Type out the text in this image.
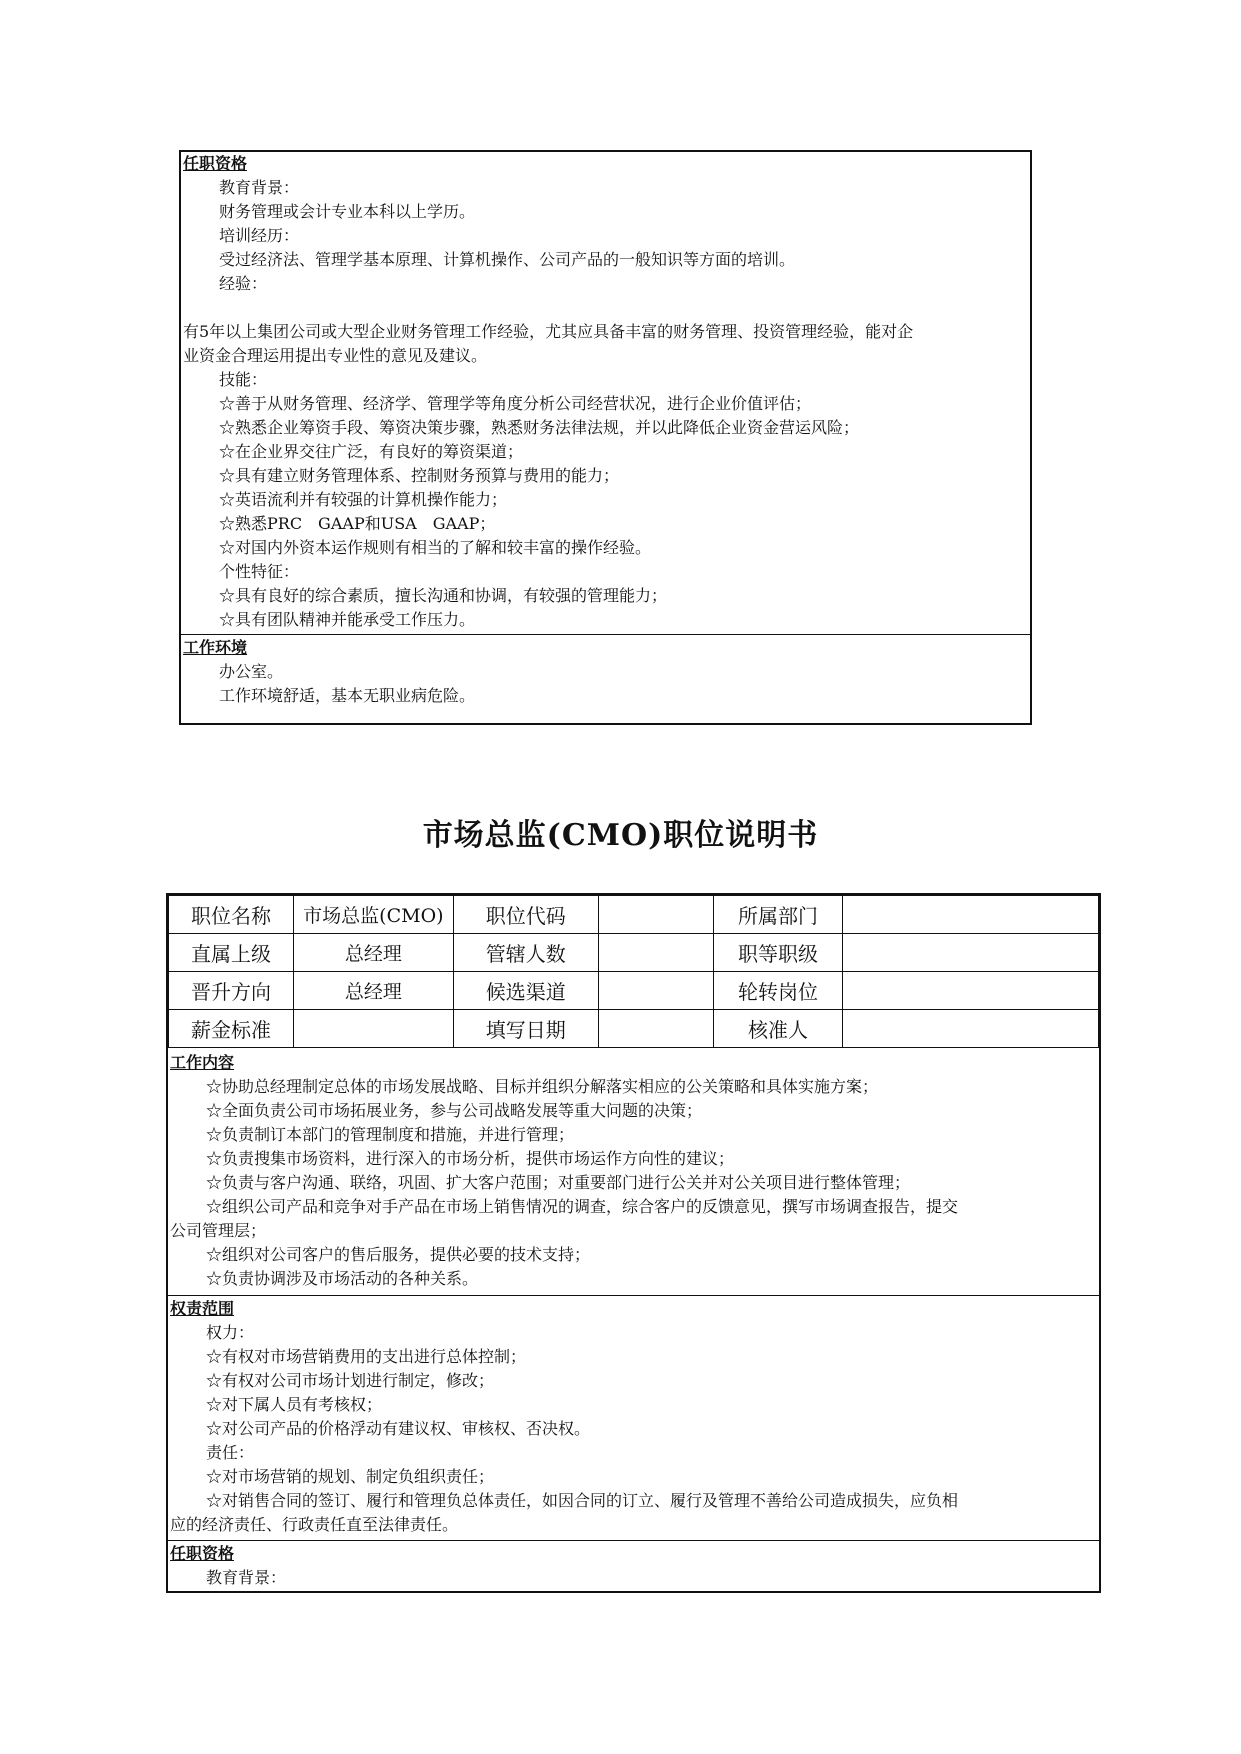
任职资格
教育背景：
财务管理或会计专业本科以上学历。
培训经历：
受过经济法、管理学基本原理、计算机操作、公司产品的一般知识等方面的培训。
经验：
有5年以上集团公司或大型企业财务管理工作经验，尤其应具备丰富的财务管理、投资管理经验，能对企
业资金合理运用提出专业性的意见及建议。
技能：
☆善于从财务管理、经济学、管理学等角度分析公司经营状况，进行企业价值评估；
☆熟悉企业筹资手段、筹资决策步骤，熟悉财务法律法规，并以此降低企业资金营运风险；
☆在企业界交往广泛，有良好的筹资渠道；
☆具有建立财务管理体系、控制财务预算与费用的能力；
☆英语流利并有较强的计算机操作能力；
☆熟悉PRC　GAAP和USA　GAAP；
☆对国内外资本运作规则有相当的了解和较丰富的操作经验。
个性特征：
☆具有良好的综合素质，擅长沟通和协调，有较强的管理能力；
☆具有团队精神并能承受工作压力。
工作环境
办公室。
工作环境舒适，基本无职业病危险。
市场总监(CMO)职位说明书
职位名称	市场总监(CMO)	职位代码		所属部门	
直属上级	总经理	管辖人数		职等职级	
晋升方向	总经理	候选渠道		轮转岗位	
薪金标准		填写日期		核准人	
工作内容
☆协助总经理制定总体的市场发展战略、目标并组织分解落实相应的公关策略和具体实施方案；
☆全面负责公司市场拓展业务，参与公司战略发展等重大问题的决策；
☆负责制订本部门的管理制度和措施，并进行管理；
☆负责搜集市场资料，进行深入的市场分析，提供市场运作方向性的建议；
☆负责与客户沟通、联络，巩固、扩大客户范围；对重要部门进行公关并对公关项目进行整体管理；
☆组织公司产品和竞争对手产品在市场上销售情况的调查，综合客户的反馈意见，撰写市场调查报告，提交
公司管理层；
☆组织对公司客户的售后服务，提供必要的技术支持；
☆负责协调涉及市场活动的各种关系。
权责范围
权力：
☆有权对市场营销费用的支出进行总体控制；
☆有权对公司市场计划进行制定，修改；
☆对下属人员有考核权；
☆对公司产品的价格浮动有建议权、审核权、否决权。
责任：
☆对市场营销的规划、制定负组织责任；
☆对销售合同的签订、履行和管理负总体责任，如因合同的订立、履行及管理不善给公司造成损失，应负相
应的经济责任、行政责任直至法律责任。
任职资格
教育背景：
